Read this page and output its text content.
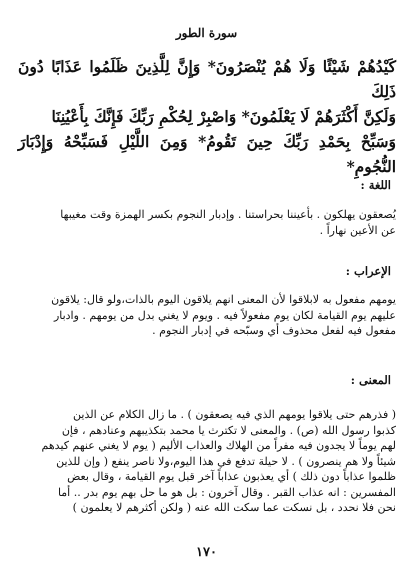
سورة الطور

كَيْدُهُمْ شَيْئًا وَلَا هُمْ يُنْصَرُونَ* وَإِنَّ لِلَّذِينَ ظَلَمُوا عَذَابًا دُونَ ذَلِكَ

وَلَكِنَّ أَكْثَرَهُمْ لَا يَعْلَمُونَ* وَاصْبِرْ لِحُكْمِ رَبِّكَ فَإِنَّكَ بِأَعْيُنِنَا

وَسَبِّحْ بِحَمْدِ رَبِّكَ حِينَ تَقُومُ* وَمِنَ اللَّيْلِ فَسَبِّحْهُ وَإِدْبَارَ النُّجُومِ*

اللغة :

يُصعقون يهلكون . بأعيننا بحراستنا . وإدبار النجوم بكسر الهمزة وقت مغيبها

عن الأعين نهاراً .

الإعراب :

يومهم مفعول به لابلاقوا لأن المعنى انهم يلاقون اليوم بالذات،ولو قال: يلاقون

عليهم يوم القيامة لكان يوم مفعولاً فيه . ويوم لا يغني بدل من يومهم . وادبار

مفعول فيه لفعل محذوف أي وسبّحه في إدبار النجوم .

المعنى :

( فذرهم حتى يلاقوا يومهم الذي فيه يصعقون ) . ما زال الكلام عن الذين

كذبوا رسول الله (ص) . والمعنى لا تكترث يا محمد بتكذيبهم وعنادهم ، فإن

لهم يوماً لا يجدون فيه مفراً من الهلاك والعذاب الأليم ( يوم لا يغني عنهم كيدهم

شيئاً ولا هم ينصرون ) . لا حيلة تدفع في هذا اليوم،ولا ناصر ينفع ( وإن للذين

ظلموا عذاباً دون ذلك ) أي يعذبون عذاباً آخر قبل يوم القيامة ، وقال بعض

المفسرين : انه عذاب القبر . وقال آخرون : بل هو ما حل بهم يوم بدر .. أما

نحن فلا نحدد ، بل نسكت عما سكت الله عنه ( ولكن أكثرهم لا يعلمون )

١٧٠
